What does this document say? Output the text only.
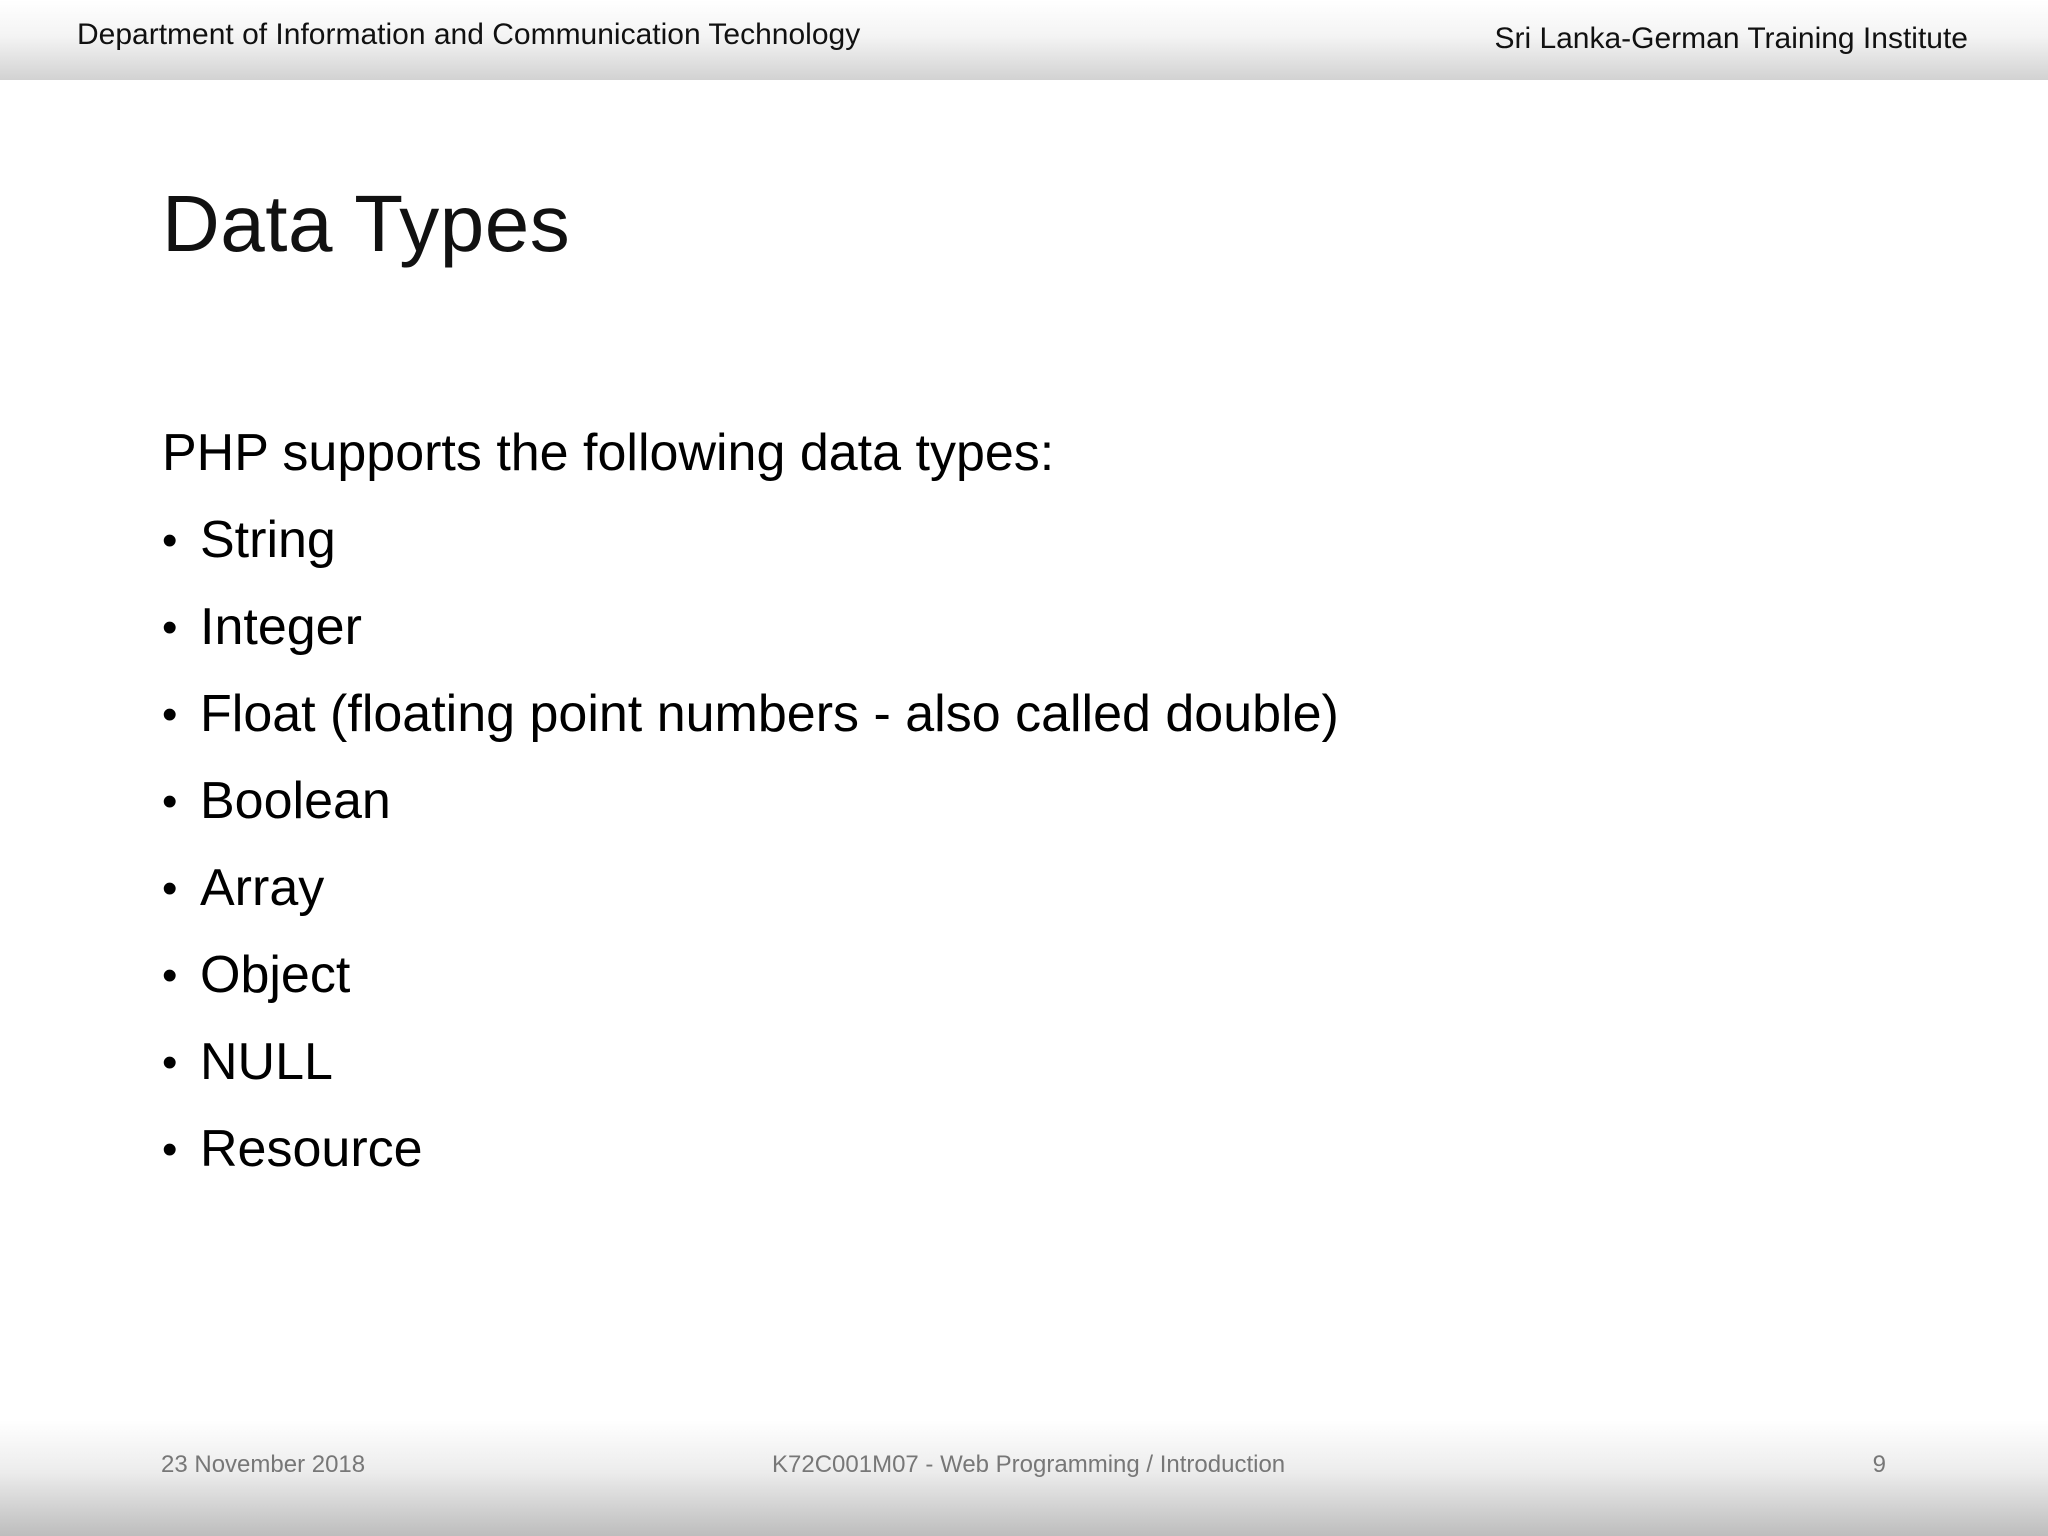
Department of Information and Communication Technology	Sri Lanka-German Training Institute
Data Types

PHP supports the following data types:

• String
• Integer
• Float (floating point numbers - also called double)
• Boolean
• Array
• Object
• NULL
• Resource
23 November 2018	K72C001M07 - Web Programming / Introduction	9
